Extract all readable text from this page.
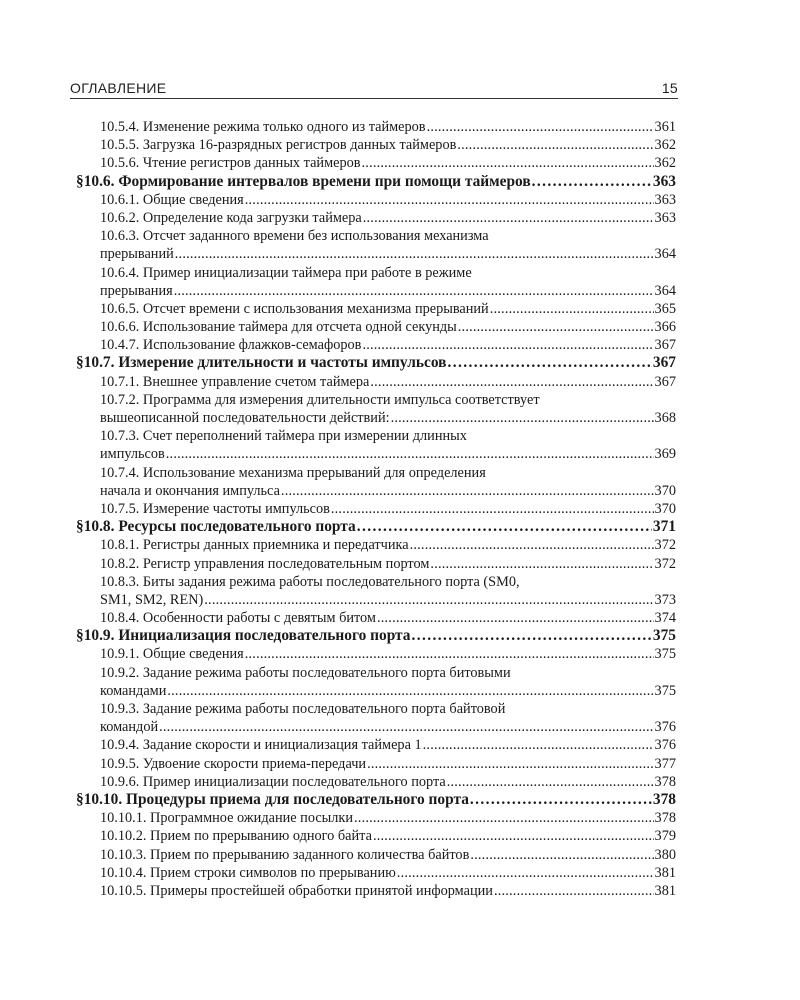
ОГЛАВЛЕНИЕ	15
10.5.4. Изменение режима только одного из таймеров .....	361
10.5.5. Загрузка 16-разрядных регистров данных таймеров .....	362
10.5.6. Чтение регистров данных таймеров .....	362
§10.6. Формирование интервалов времени при помощи таймеров .....	363
10.6.1. Общие сведения .....	363
10.6.2. Определение кода загрузки таймера .....	363
10.6.3. Отсчет заданного времени без использования механизма
прерываний .....	364
10.6.4. Пример инициализации таймера при работе в режиме
прерывания .....	364
10.6.5. Отсчет времени с использования механизма прерываний .....	365
10.6.6. Использование таймера для отсчета одной секунды .....	366
10.4.7. Использование флажков-семафоров .....	367
§10.7. Измерение длительности и частоты импульсов .....	367
10.7.1. Внешнее управление счетом таймера .....	367
10.7.2. Программа для измерения длительности импульса соответствует
вышеописанной последовательности действий: .....	368
10.7.3. Счет переполнений таймера при измерении длинных
импульсов .....	369
10.7.4. Использование механизма прерываний для определения
начала и окончания импульса .....	370
10.7.5. Измерение частоты импульсов .....	370
§10.8. Ресурсы последовательного порта .....	371
10.8.1. Регистры данных приемника и передатчика .....	372
10.8.2. Регистр управления последовательным портом .....	372
10.8.3. Биты задания режима работы последовательного порта (SM0,
SM1, SM2, REN) .....	373
10.8.4. Особенности работы с девятым битом .....	374
§10.9. Инициализация последовательного порта .....	375
10.9.1. Общие сведения .....	375
10.9.2. Задание режима работы последовательного порта битовыми
командами .....	375
10.9.3. Задание режима работы последовательного порта байтовой
командой .....	376
10.9.4. Задание скорости и инициализация таймера 1 .....	376
10.9.5. Удвоение скорости приема-передачи .....	377
10.9.6. Пример инициализации последовательного порта .....	378
§10.10. Процедуры приема для последовательного порта .....	378
10.10.1. Программное ожидание посылки .....	378
10.10.2. Прием по прерыванию одного байта .....	379
10.10.3. Прием по прерыванию заданного количества байтов .....	380
10.10.4. Прием строки символов по прерыванию .....	381
10.10.5. Примеры простейшей обработки принятой информации .....	381
